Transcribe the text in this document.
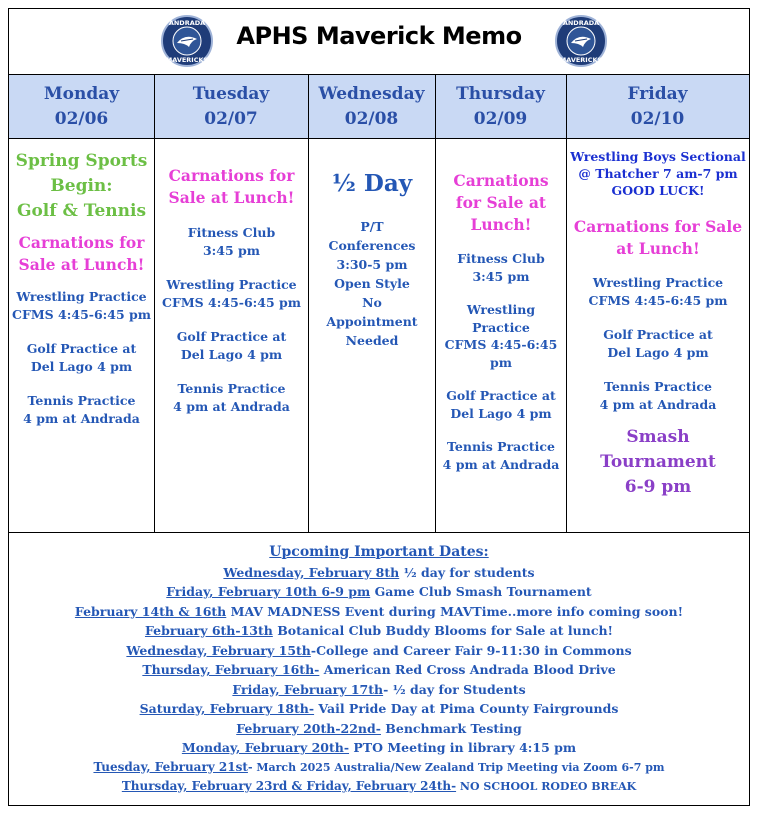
ANDRADA
MAVERICKS
APHS Maverick Memo	ANDRADA
MAVERICKS
Monday
02/06
Tuesday
02/07
Wednesday
02/08
Thursday
02/09
Friday
02/10
Spring Sports
Begin:
Golf & Tennis
Carnations for
Sale at Lunch!
Wrestling Practice
CFMS 4:45-6:45 pm
Golf Practice at
Del Lago 4 pm
Tennis Practice
4 pm at Andrada
Carnations for
Sale at Lunch!
Fitness Club
3:45 pm
Wrestling Practice
CFMS 4:45-6:45 pm
Golf Practice at
Del Lago 4 pm
Tennis Practice
4 pm at Andrada
½ Day
P/T
Conferences
3:30-5 pm
Open Style
No
Appointment
Needed
Carnations
for Sale at
Lunch!
Fitness Club
3:45 pm
Wrestling
Practice
CFMS 4:45-6:45
pm
Golf Practice at
Del Lago 4 pm
Tennis Practice
4 pm at Andrada
Wrestling Boys Sectional
@ Thatcher 7 am-7 pm
GOOD LUCK!
Carnations for Sale
at Lunch!
Wrestling Practice
CFMS 4:45-6:45 pm
Golf Practice at
Del Lago 4 pm
Tennis Practice
4 pm at Andrada
Smash
Tournament
6-9 pm
Upcoming Important Dates:
Wednesday, February 8th ½ day for students
Friday, February 10th 6-9 pm Game Club Smash Tournament
February 14th & 16th MAV MADNESS Event during MAVTime..more info coming soon!
February 6th-13th Botanical Club Buddy Blooms for Sale at lunch!
Wednesday, February 15th-College and Career Fair 9-11:30 in Commons
Thursday, February 16th- American Red Cross Andrada Blood Drive
Friday, February 17th- ½ day for Students
Saturday, February 18th- Vail Pride Day at Pima County Fairgrounds
February 20th-22nd- Benchmark Testing
Monday, February 20th- PTO Meeting in library 4:15 pm
Tuesday, February 21st- March 2025 Australia/New Zealand Trip Meeting via Zoom 6-7 pm
Thursday, February 23rd & Friday, February 24th- NO SCHOOL RODEO BREAK
